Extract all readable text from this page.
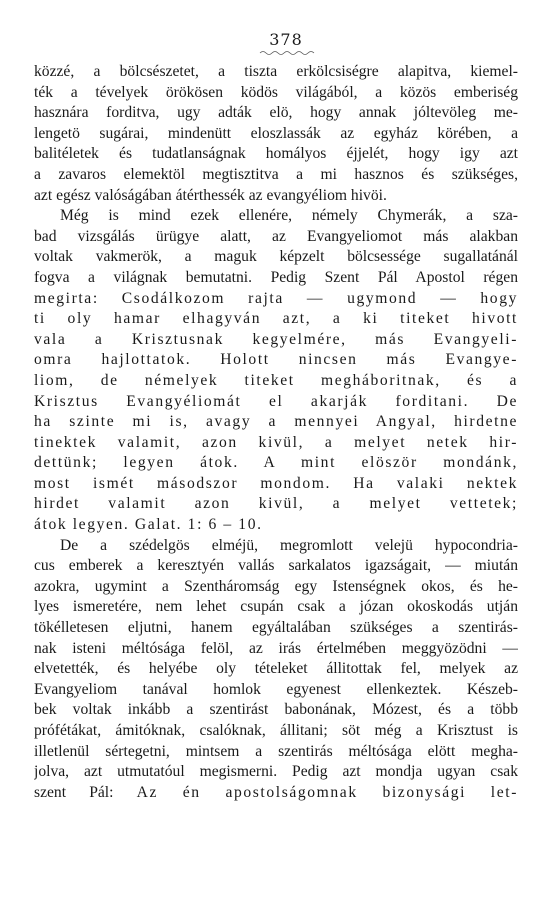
378
közzé, a bölcsészetet, a tiszta erkölcsiségre alapitva, kiemel-
ték a tévelyek örökösen ködös világából, a közös emberiség
hasznára forditva, ugy adták elö, hogy annak jóltevöleg me-
lengetö sugárai, mindenütt eloszlassák az egyház körében, a
balitéletek és tudatlanságnak homályos éjjelét, hogy igy azt
a zavaros elemektöl megtisztitva a mi hasznos és szükséges,
azt egész valóságában átérthessék az evangyéliom hivöi.
Még is mind ezek ellenére, némely Chymerák, a sza-
bad vizsgálás ürügye alatt, az Evangyeliomot más alakban
voltak vakmerök, a maguk képzelt bölcsessége sugallatánál
fogva a világnak bemutatni. Pedig Szent Pál Apostol régen
megirta: Csodálkozom rajta — ugymond — hogy
ti oly hamar elhagyván azt, a ki titeket hivott
vala a Krisztusnak kegyelmére, más Evangyeli-
omra hajlottatok. Holott nincsen más Evangye-
liom, de némelyek titeket megháboritnak, és a
Krisztus Evangyéliomát el akarják forditani. De
ha szinte mi is, avagy a mennyei Angyal, hirdetne
tinektek valamit, azon kivül, a melyet netek hir-
dettünk; legyen átok. A mint elöször mondánk,
most ismét másodszor mondom. Ha valaki nektek
hirdet valamit azon kivül, a melyet vettetek;
átok legyen. Galat. 1: 6 – 10.
De a szédelgös elméjü, megromlott velejü hypocondria-
cus emberek a keresztyén vallás sarkalatos igazságait, — miután
azokra, ugymint a Szentháromság egy Istenségnek okos, és he-
lyes ismeretére, nem lehet csupán csak a józan okoskodás utján
tökélletesen eljutni, hanem egyáltalában szükséges a szentirás-
nak isteni méltósága felöl, az irás értelmében meggyözödni —
elvetették, és helyébe oly tételeket állitottak fel, melyek az
Evangyeliom tanával homlok egyenest ellenkeztek. Készeb-
bek voltak inkább a szentirást babonának, Mózest, és a több
prófétákat, ámitóknak, csalóknak, állitani; söt még a Krisztust is
illetlenül sértegetni, mintsem a szentirás méltósága elött megha-
jolva, azt utmutatóul megismerni. Pedig azt mondja ugyan csak
szent Pál: Az én apostolságomnak bizonysági let-
